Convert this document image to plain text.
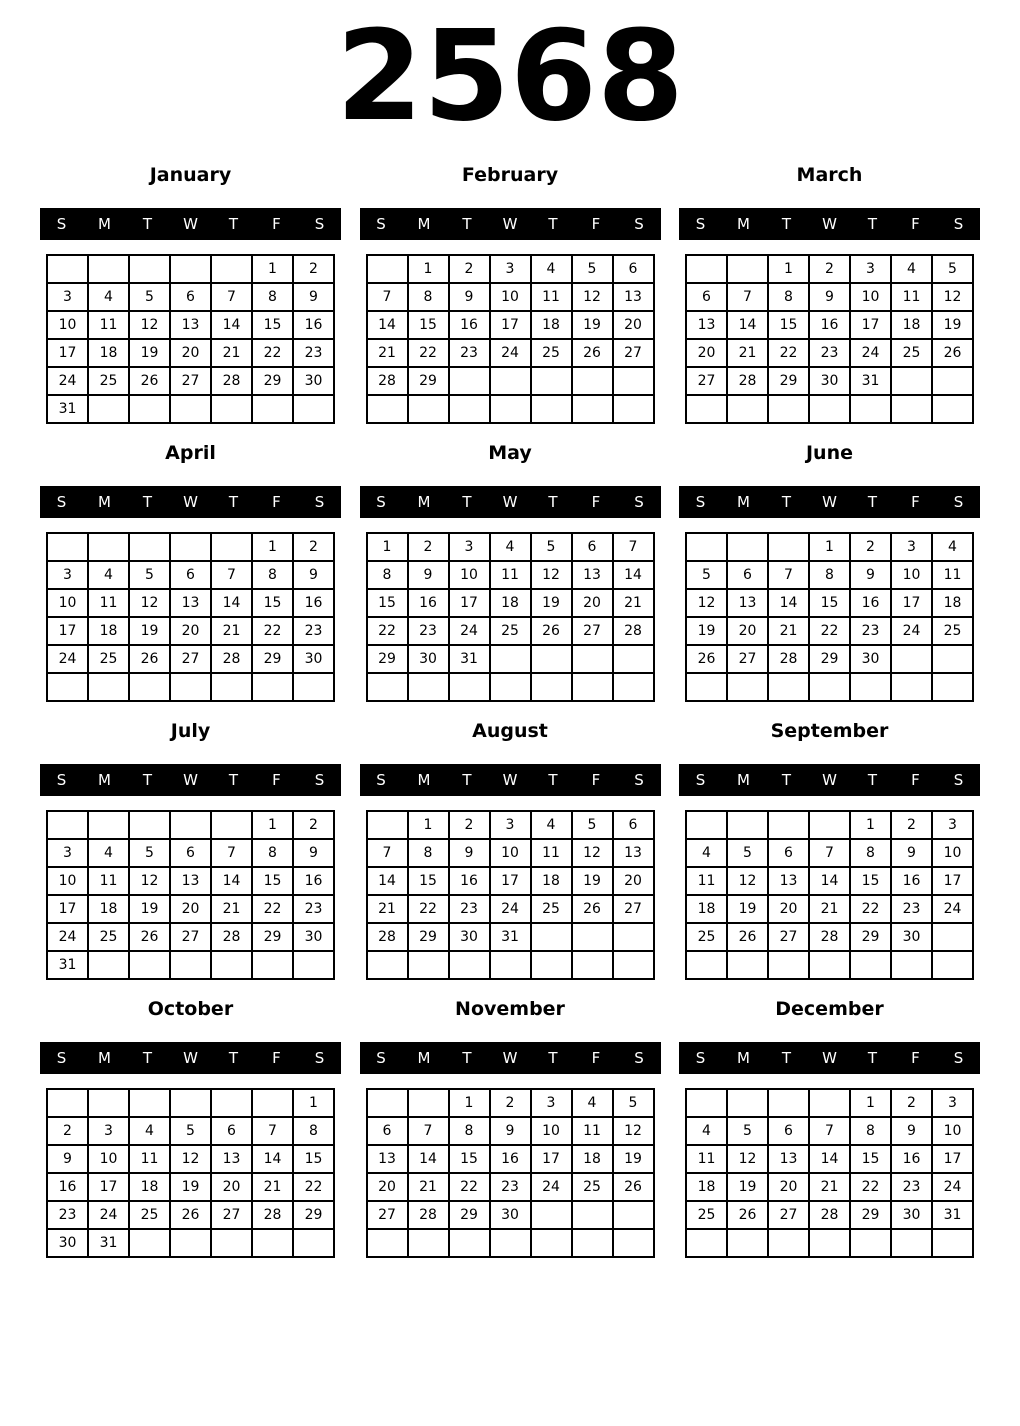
2568
January
S	M	T	W	T	F	S
					1	2
3	4	5	6	7	8	9
10	11	12	13	14	15	16
17	18	19	20	21	22	23
24	25	26	27	28	29	30
31						
February
S	M	T	W	T	F	S
	1	2	3	4	5	6
7	8	9	10	11	12	13
14	15	16	17	18	19	20
21	22	23	24	25	26	27
28	29					

March
S	M	T	W	T	F	S
		1	2	3	4	5
6	7	8	9	10	11	12
13	14	15	16	17	18	19
20	21	22	23	24	25	26
27	28	29	30	31		

April
S	M	T	W	T	F	S
					1	2
3	4	5	6	7	8	9
10	11	12	13	14	15	16
17	18	19	20	21	22	23
24	25	26	27	28	29	30

May
S	M	T	W	T	F	S
1	2	3	4	5	6	7
8	9	10	11	12	13	14
15	16	17	18	19	20	21
22	23	24	25	26	27	28
29	30	31				

June
S	M	T	W	T	F	S
			1	2	3	4
5	6	7	8	9	10	11
12	13	14	15	16	17	18
19	20	21	22	23	24	25
26	27	28	29	30		

July
S	M	T	W	T	F	S
					1	2
3	4	5	6	7	8	9
10	11	12	13	14	15	16
17	18	19	20	21	22	23
24	25	26	27	28	29	30
31						
August
S	M	T	W	T	F	S
	1	2	3	4	5	6
7	8	9	10	11	12	13
14	15	16	17	18	19	20
21	22	23	24	25	26	27
28	29	30	31			

September
S	M	T	W	T	F	S
				1	2	3
4	5	6	7	8	9	10
11	12	13	14	15	16	17
18	19	20	21	22	23	24
25	26	27	28	29	30	

October
S	M	T	W	T	F	S
						1
2	3	4	5	6	7	8
9	10	11	12	13	14	15
16	17	18	19	20	21	22
23	24	25	26	27	28	29
30	31					
November
S	M	T	W	T	F	S
		1	2	3	4	5
6	7	8	9	10	11	12
13	14	15	16	17	18	19
20	21	22	23	24	25	26
27	28	29	30			

December
S	M	T	W	T	F	S
				1	2	3
4	5	6	7	8	9	10
11	12	13	14	15	16	17
18	19	20	21	22	23	24
25	26	27	28	29	30	31
